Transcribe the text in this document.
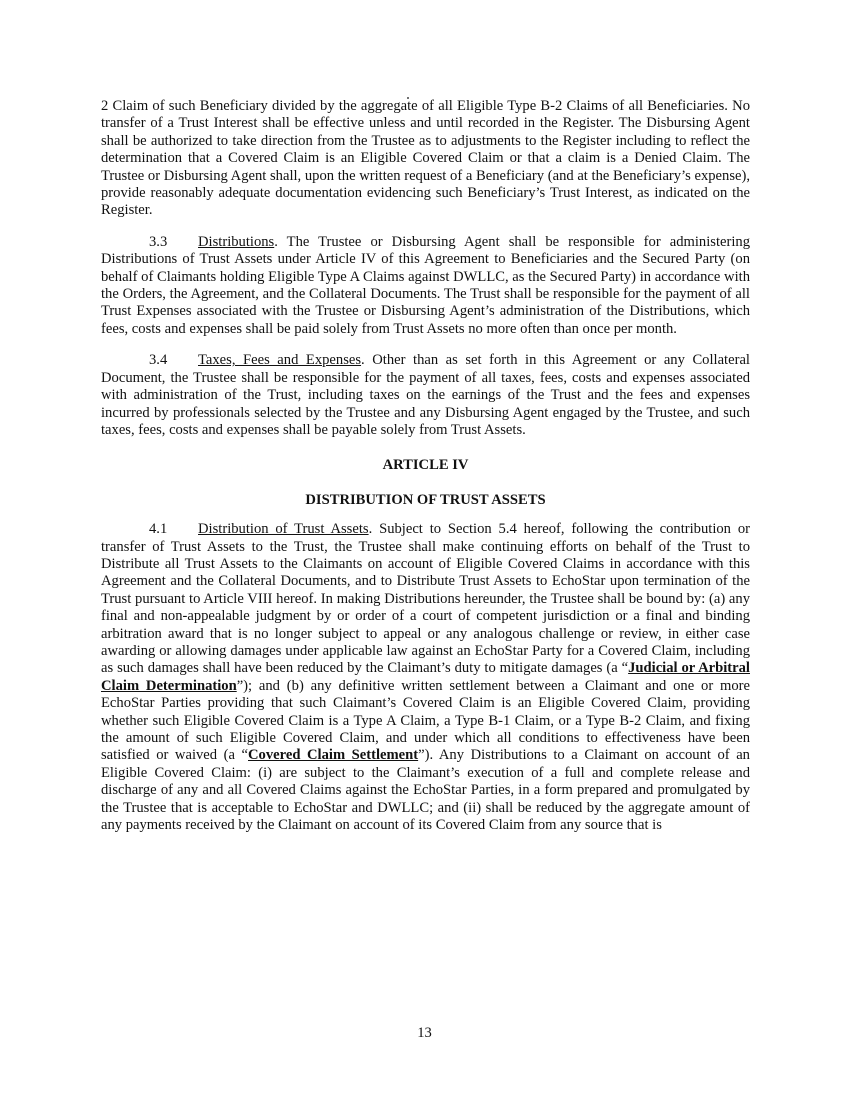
2 Claim of such Beneficiary divided by the aggregate of all Eligible Type B-2 Claims of all Beneficiaries. No transfer of a Trust Interest shall be effective unless and until recorded in the Register. The Disbursing Agent shall be authorized to take direction from the Trustee as to adjustments to the Register including to reflect the determination that a Covered Claim is an Eligible Covered Claim or that a claim is a Denied Claim. The Trustee or Disbursing Agent shall, upon the written request of a Beneficiary (and at the Beneficiary’s expense), provide reasonably adequate documentation evidencing such Beneficiary’s Trust Interest, as indicated on the Register.

3.3 Distributions. The Trustee or Disbursing Agent shall be responsible for administering Distributions of Trust Assets under Article IV of this Agreement to Beneficiaries and the Secured Party (on behalf of Claimants holding Eligible Type A Claims against DWLLC, as the Secured Party) in accordance with the Orders, the Agreement, and the Collateral Documents. The Trust shall be responsible for the payment of all Trust Expenses associated with the Trustee or Disbursing Agent’s administration of the Distributions, which fees, costs and expenses shall be paid solely from Trust Assets no more often than once per month.

3.4 Taxes, Fees and Expenses. Other than as set forth in this Agreement or any Collateral Document, the Trustee shall be responsible for the payment of all taxes, fees, costs and expenses associated with administration of the Trust, including taxes on the earnings of the Trust and the fees and expenses incurred by professionals selected by the Trustee and any Disbursing Agent engaged by the Trustee, and such taxes, fees, costs and expenses shall be payable solely from Trust Assets.

ARTICLE IV

DISTRIBUTION OF TRUST ASSETS

4.1 Distribution of Trust Assets. Subject to Section 5.4 hereof, following the contribution or transfer of Trust Assets to the Trust, the Trustee shall make continuing efforts on behalf of the Trust to Distribute all Trust Assets to the Claimants on account of Eligible Covered Claims in accordance with this Agreement and the Collateral Documents, and to Distribute Trust Assets to EchoStar upon termination of the Trust pursuant to Article VIII hereof. In making Distributions hereunder, the Trustee shall be bound by: (a) any final and non-appealable judgment by or order of a court of competent jurisdiction or a final and binding arbitration award that is no longer subject to appeal or any analogous challenge or review, in either case awarding or allowing damages under applicable law against an EchoStar Party for a Covered Claim, including as such damages shall have been reduced by the Claimant’s duty to mitigate damages (a “Judicial or Arbitral Claim Determination”); and (b) any definitive written settlement between a Claimant and one or more EchoStar Parties providing that such Claimant’s Covered Claim is an Eligible Covered Claim, providing whether such Eligible Covered Claim is a Type A Claim, a Type B-1 Claim, or a Type B-2 Claim, and fixing the amount of such Eligible Covered Claim, and under which all conditions to effectiveness have been satisfied or waived (a “Covered Claim Settlement”). Any Distributions to a Claimant on account of an Eligible Covered Claim: (i) are subject to the Claimant’s execution of a full and complete release and discharge of any and all Covered Claims against the EchoStar Parties, in a form prepared and promulgated by the Trustee that is acceptable to EchoStar and DWLLC; and (ii) shall be reduced by the aggregate amount of any payments received by the Claimant on account of its Covered Claim from any source that is

13
